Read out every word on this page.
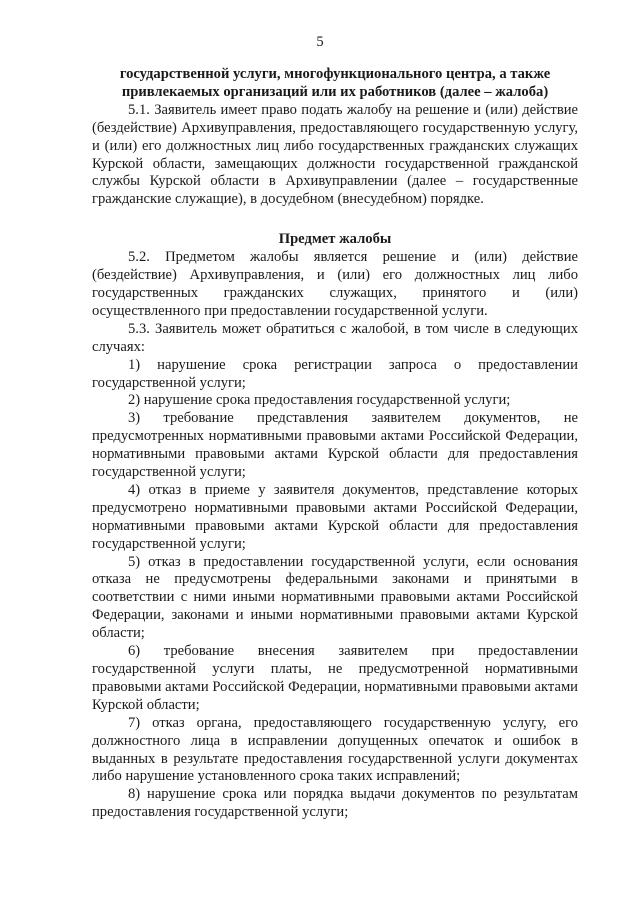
5

государственной услуги, многофункционального центра, а также привлекаемых организаций или их работников (далее – жалоба)

5.1. Заявитель имеет право подать жалобу на решение и (или) действие (бездействие) Архивуправления, предоставляющего государственную услугу, и (или) его должностных лиц либо государственных гражданских служащих Курской области, замещающих должности государственной гражданской службы Курской области в Архивуправлении (далее – государственные гражданские служащие), в досудебном (внесудебном) порядке.

Предмет жалобы

5.2. Предметом жалобы является решение и (или) действие (бездействие) Архивуправления, и (или) его должностных лиц либо государственных гражданских служащих, принятого и (или) осуществленного при предоставлении государственной услуги.

5.3. Заявитель может обратиться с жалобой, в том числе в следующих случаях:

1) нарушение срока регистрации запроса о предоставлении государственной услуги;

2) нарушение срока предоставления государственной услуги;

3) требование представления заявителем документов, не предусмотренных нормативными правовыми актами Российской Федерации, нормативными правовыми актами Курской области для предоставления государственной услуги;

4) отказ в приеме у заявителя документов, представление которых предусмотрено нормативными правовыми актами Российской Федерации, нормативными правовыми актами Курской области для предоставления государственной услуги;

5) отказ в предоставлении государственной услуги, если основания отказа не предусмотрены федеральными законами и принятыми в соответствии с ними иными нормативными правовыми актами Российской Федерации, законами и иными нормативными правовыми актами Курской области;

6) требование внесения заявителем при предоставлении государственной услуги платы, не предусмотренной нормативными правовыми актами Российской Федерации, нормативными правовыми актами Курской области;

7) отказ органа, предоставляющего государственную услугу, его должностного лица в исправлении допущенных опечаток и ошибок в выданных в результате предоставления государственной услуги документах либо нарушение установленного срока таких исправлений;

8) нарушение срока или порядка выдачи документов по результатам предоставления государственной услуги;
